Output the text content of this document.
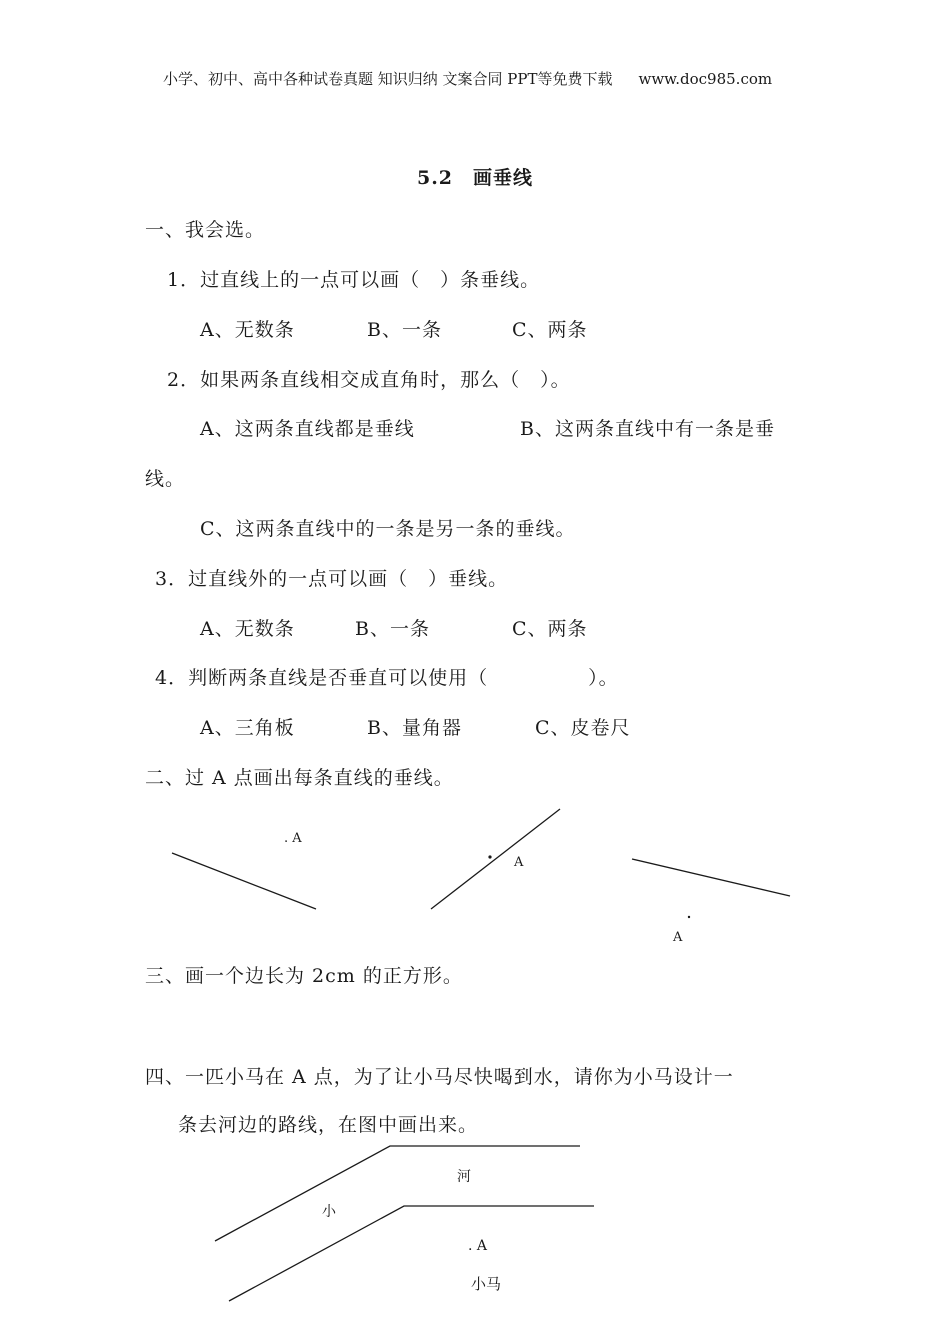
小学、初中、高中各种试卷真题 知识归纳 文案合同 PPT等免费下载 www.doc985.com
5.2　画垂线
一、我会选。
1．过直线上的一点可以画（　）条垂线。
A、无数条	B、一条	C、两条
2．如果两条直线相交成直角时，那么（　）。
A、这两条直线都是垂线	B、这两条直线中有一条是垂
线。
C、这两条直线中的一条是另一条的垂线。
3．过直线外的一点可以画（　）垂线。
A、无数条	B、一条	C、两条
4．判断两条直线是否垂直可以使用（　　　　　）。
A、三角板	B、量角器	C、皮卷尺
二、过 A 点画出每条直线的垂线。
. A
A
A
三、画一个边长为 2cm 的正方形。
四、一匹小马在 A 点，为了让小马尽快喝到水，请你为小马设计一
条去河边的路线，在图中画出来。
河
小
. A
小马
